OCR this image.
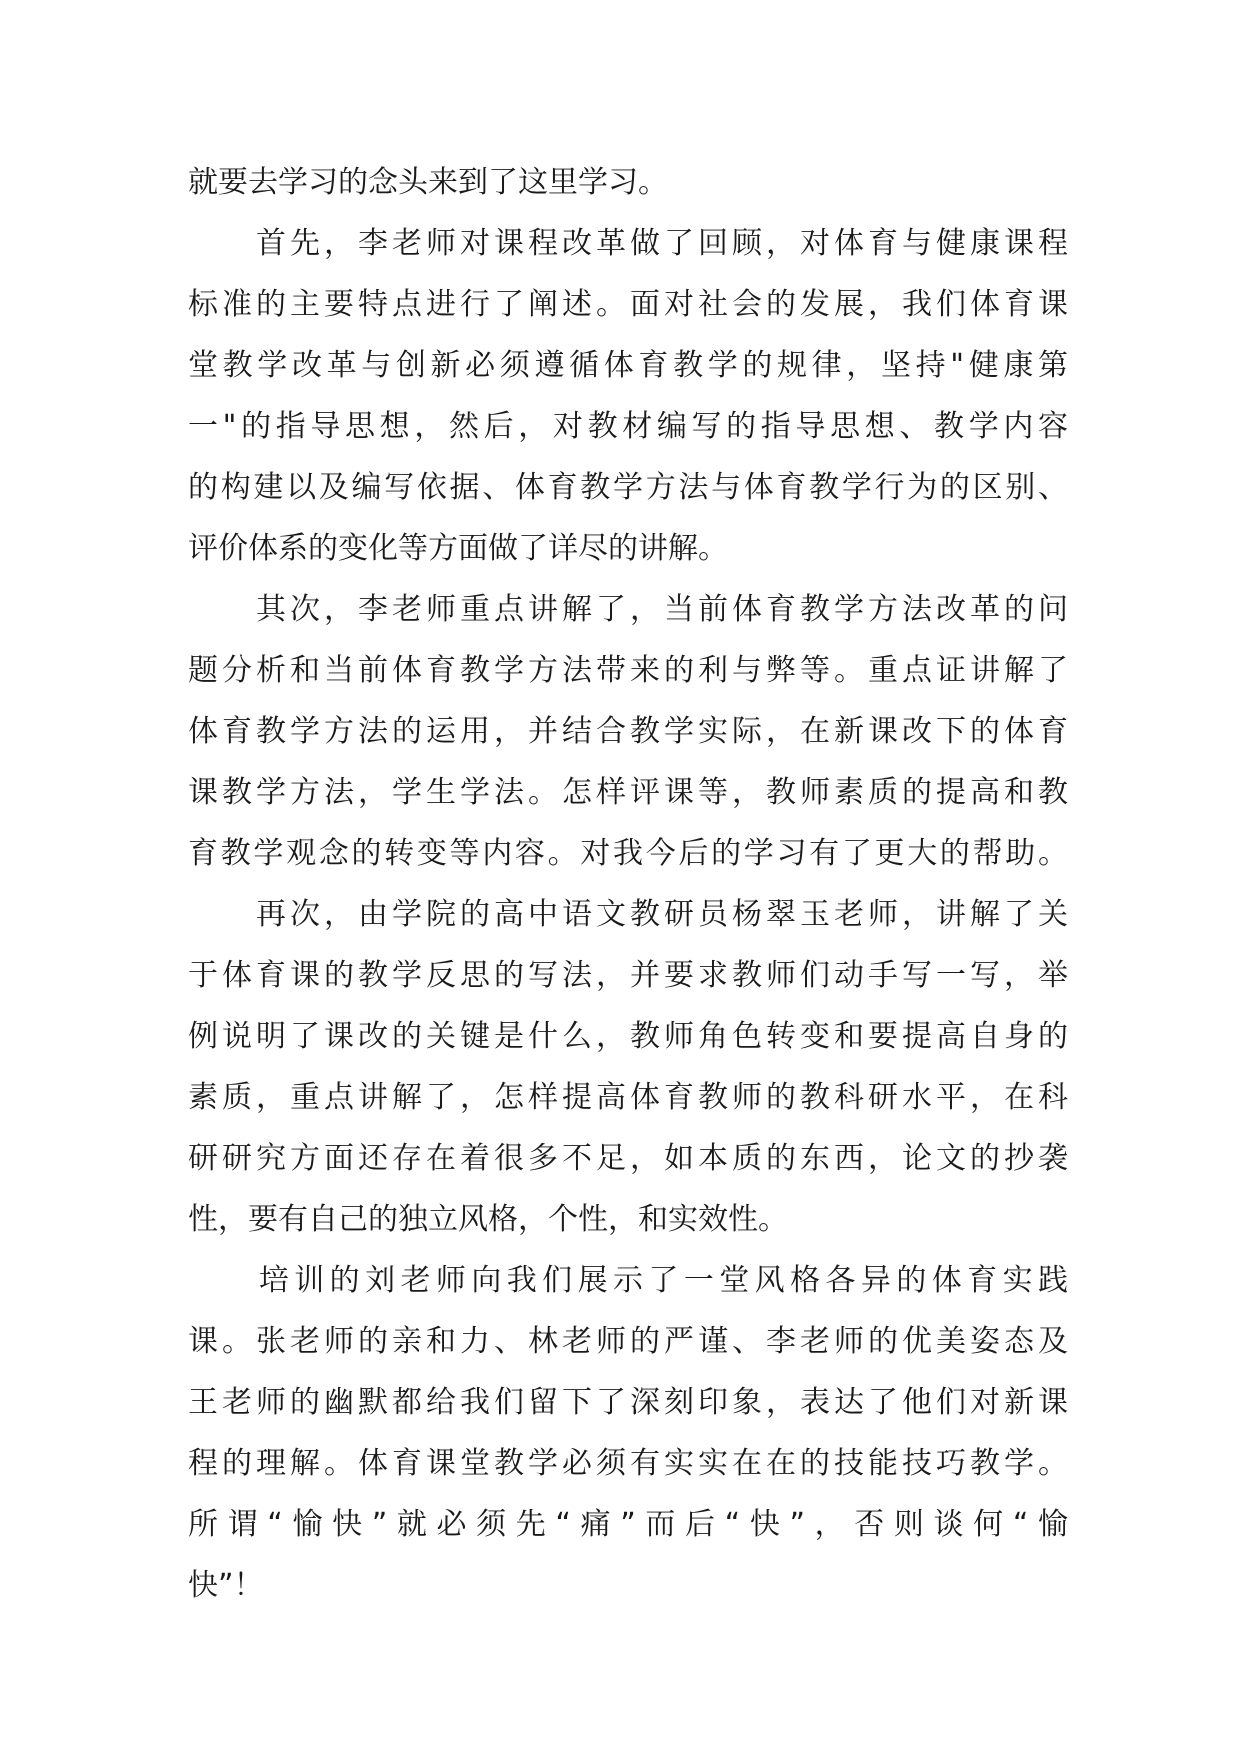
就要去学习的念头来到了这里学习。
　　首先，李老师对课程改革做了回顾，对体育与健康课程
标准的主要特点进行了阐述。面对社会的发展，我们体育课
堂教学改革与创新必须遵循体育教学的规律，坚持"健康第
一"的指导思想，然后，对教材编写的指导思想、教学内容
的构建以及编写依据、体育教学方法与体育教学行为的区别、
评价体系的变化等方面做了详尽的讲解。
　　其次，李老师重点讲解了，当前体育教学方法改革的问
题分析和当前体育教学方法带来的利与弊等。重点证讲解了
体育教学方法的运用，并结合教学实际，在新课改下的体育
课教学方法，学生学法。怎样评课等，教师素质的提高和教
育教学观念的转变等内容。对我今后的学习有了更大的帮助。
　　再次，由学院的高中语文教研员杨翠玉老师，讲解了关
于体育课的教学反思的写法，并要求教师们动手写一写，举
例说明了课改的关键是什么，教师角色转变和要提高自身的
素质，重点讲解了，怎样提高体育教师的教科研水平，在科
研研究方面还存在着很多不足，如本质的东西，论文的抄袭
性，要有自己的独立风格，个性，和实效性。
　　培训的刘老师向我们展示了一堂风格各异的体育实践
课。张老师的亲和力、林老师的严谨、李老师的优美姿态及
王老师的幽默都给我们留下了深刻印象，表达了他们对新课
程的理解。体育课堂教学必须有实实在在的技能技巧教学。
所谓“愉快”就必须先“痛”而后“快”，否则谈何“愉
快”！
